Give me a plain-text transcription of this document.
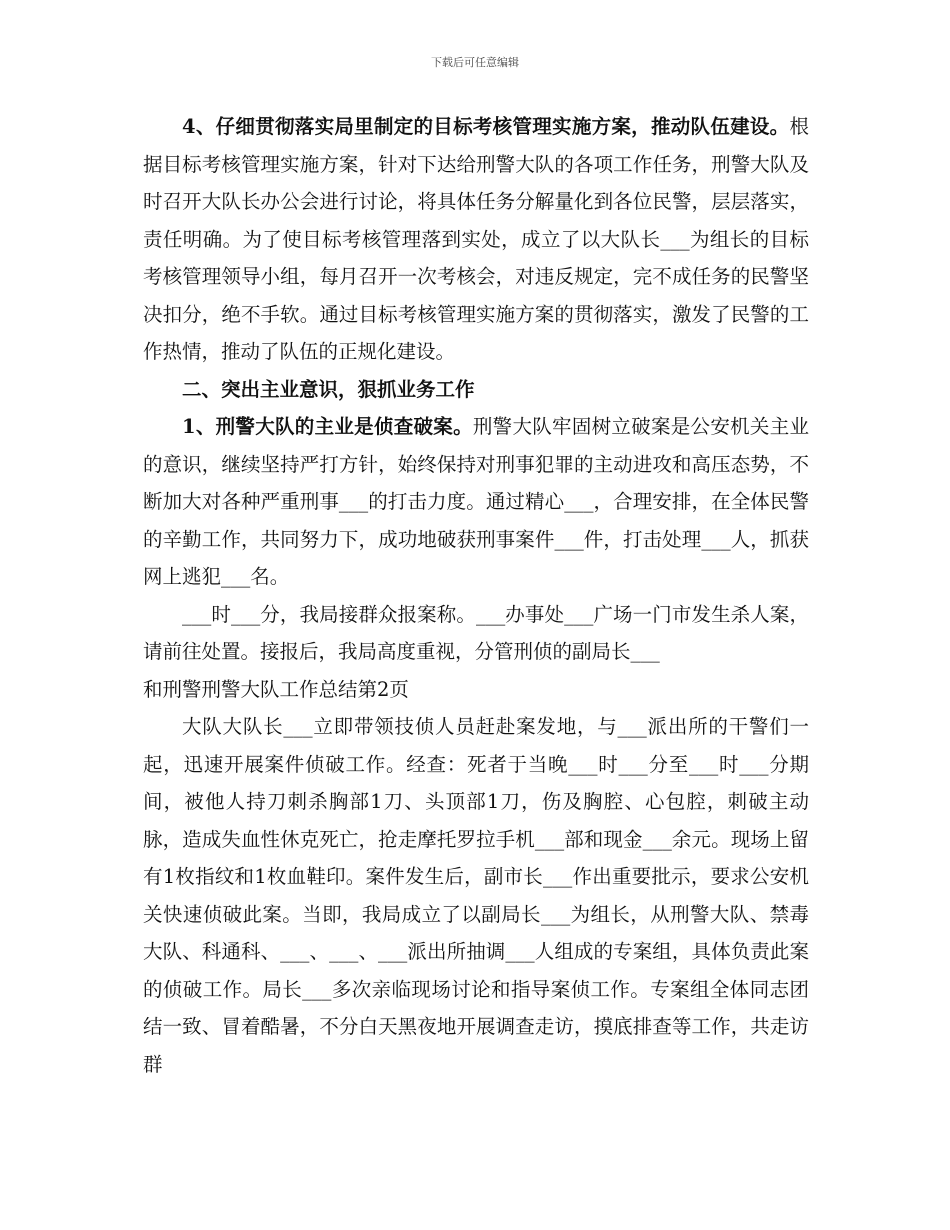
下载后可任意编辑

4、仔细贯彻落实局里制定的目标考核管理实施方案，推动队伍建设。根据目标考核管理实施方案，针对下达给刑警大队的各项工作任务，刑警大队及时召开大队长办公会进行讨论，将具体任务分解量化到各位民警，层层落实，责任明确。为了使目标考核管理落到实处，成立了以大队长___为组长的目标考核管理领导小组，每月召开一次考核会，对违反规定，完不成任务的民警坚决扣分，绝不手软。通过目标考核管理实施方案的贯彻落实，激发了民警的工作热情，推动了队伍的正规化建设。

二、突出主业意识，狠抓业务工作

1、刑警大队的主业是侦查破案。刑警大队牢固树立破案是公安机关主业的意识，继续坚持严打方针，始终保持对刑事犯罪的主动进攻和高压态势，不断加大对各种严重刑事___的打击力度。通过精心___，合理安排，在全体民警的辛勤工作，共同努力下，成功地破获刑事案件___件，打击处理___人，抓获网上逃犯___名。

___时___分，我局接群众报案称。___办事处___广场一门市发生杀人案，请前往处置。接报后，我局高度重视，分管刑侦的副局长___

和刑警刑警大队工作总结第2页

大队大队长___立即带领技侦人员赶赴案发地，与___派出所的干警们一起，迅速开展案件侦破工作。经查：死者于当晚___时___分至___时___分期间，被他人持刀刺杀胸部1刀、头顶部1刀，伤及胸腔、心包腔，刺破主动脉，造成失血性休克死亡，抢走摩托罗拉手机___部和现金___余元。现场上留有1枚指纹和1枚血鞋印。案件发生后，副市长___作出重要批示，要求公安机关快速侦破此案。当即，我局成立了以副局长___为组长，从刑警大队、禁毒大队、科通科、___、___、___派出所抽调___人组成的专案组，具体负责此案的侦破工作。局长___多次亲临现场讨论和指导案侦工作。专案组全体同志团结一致、冒着酷暑，不分白天黑夜地开展调查走访，摸底排查等工作，共走访群
